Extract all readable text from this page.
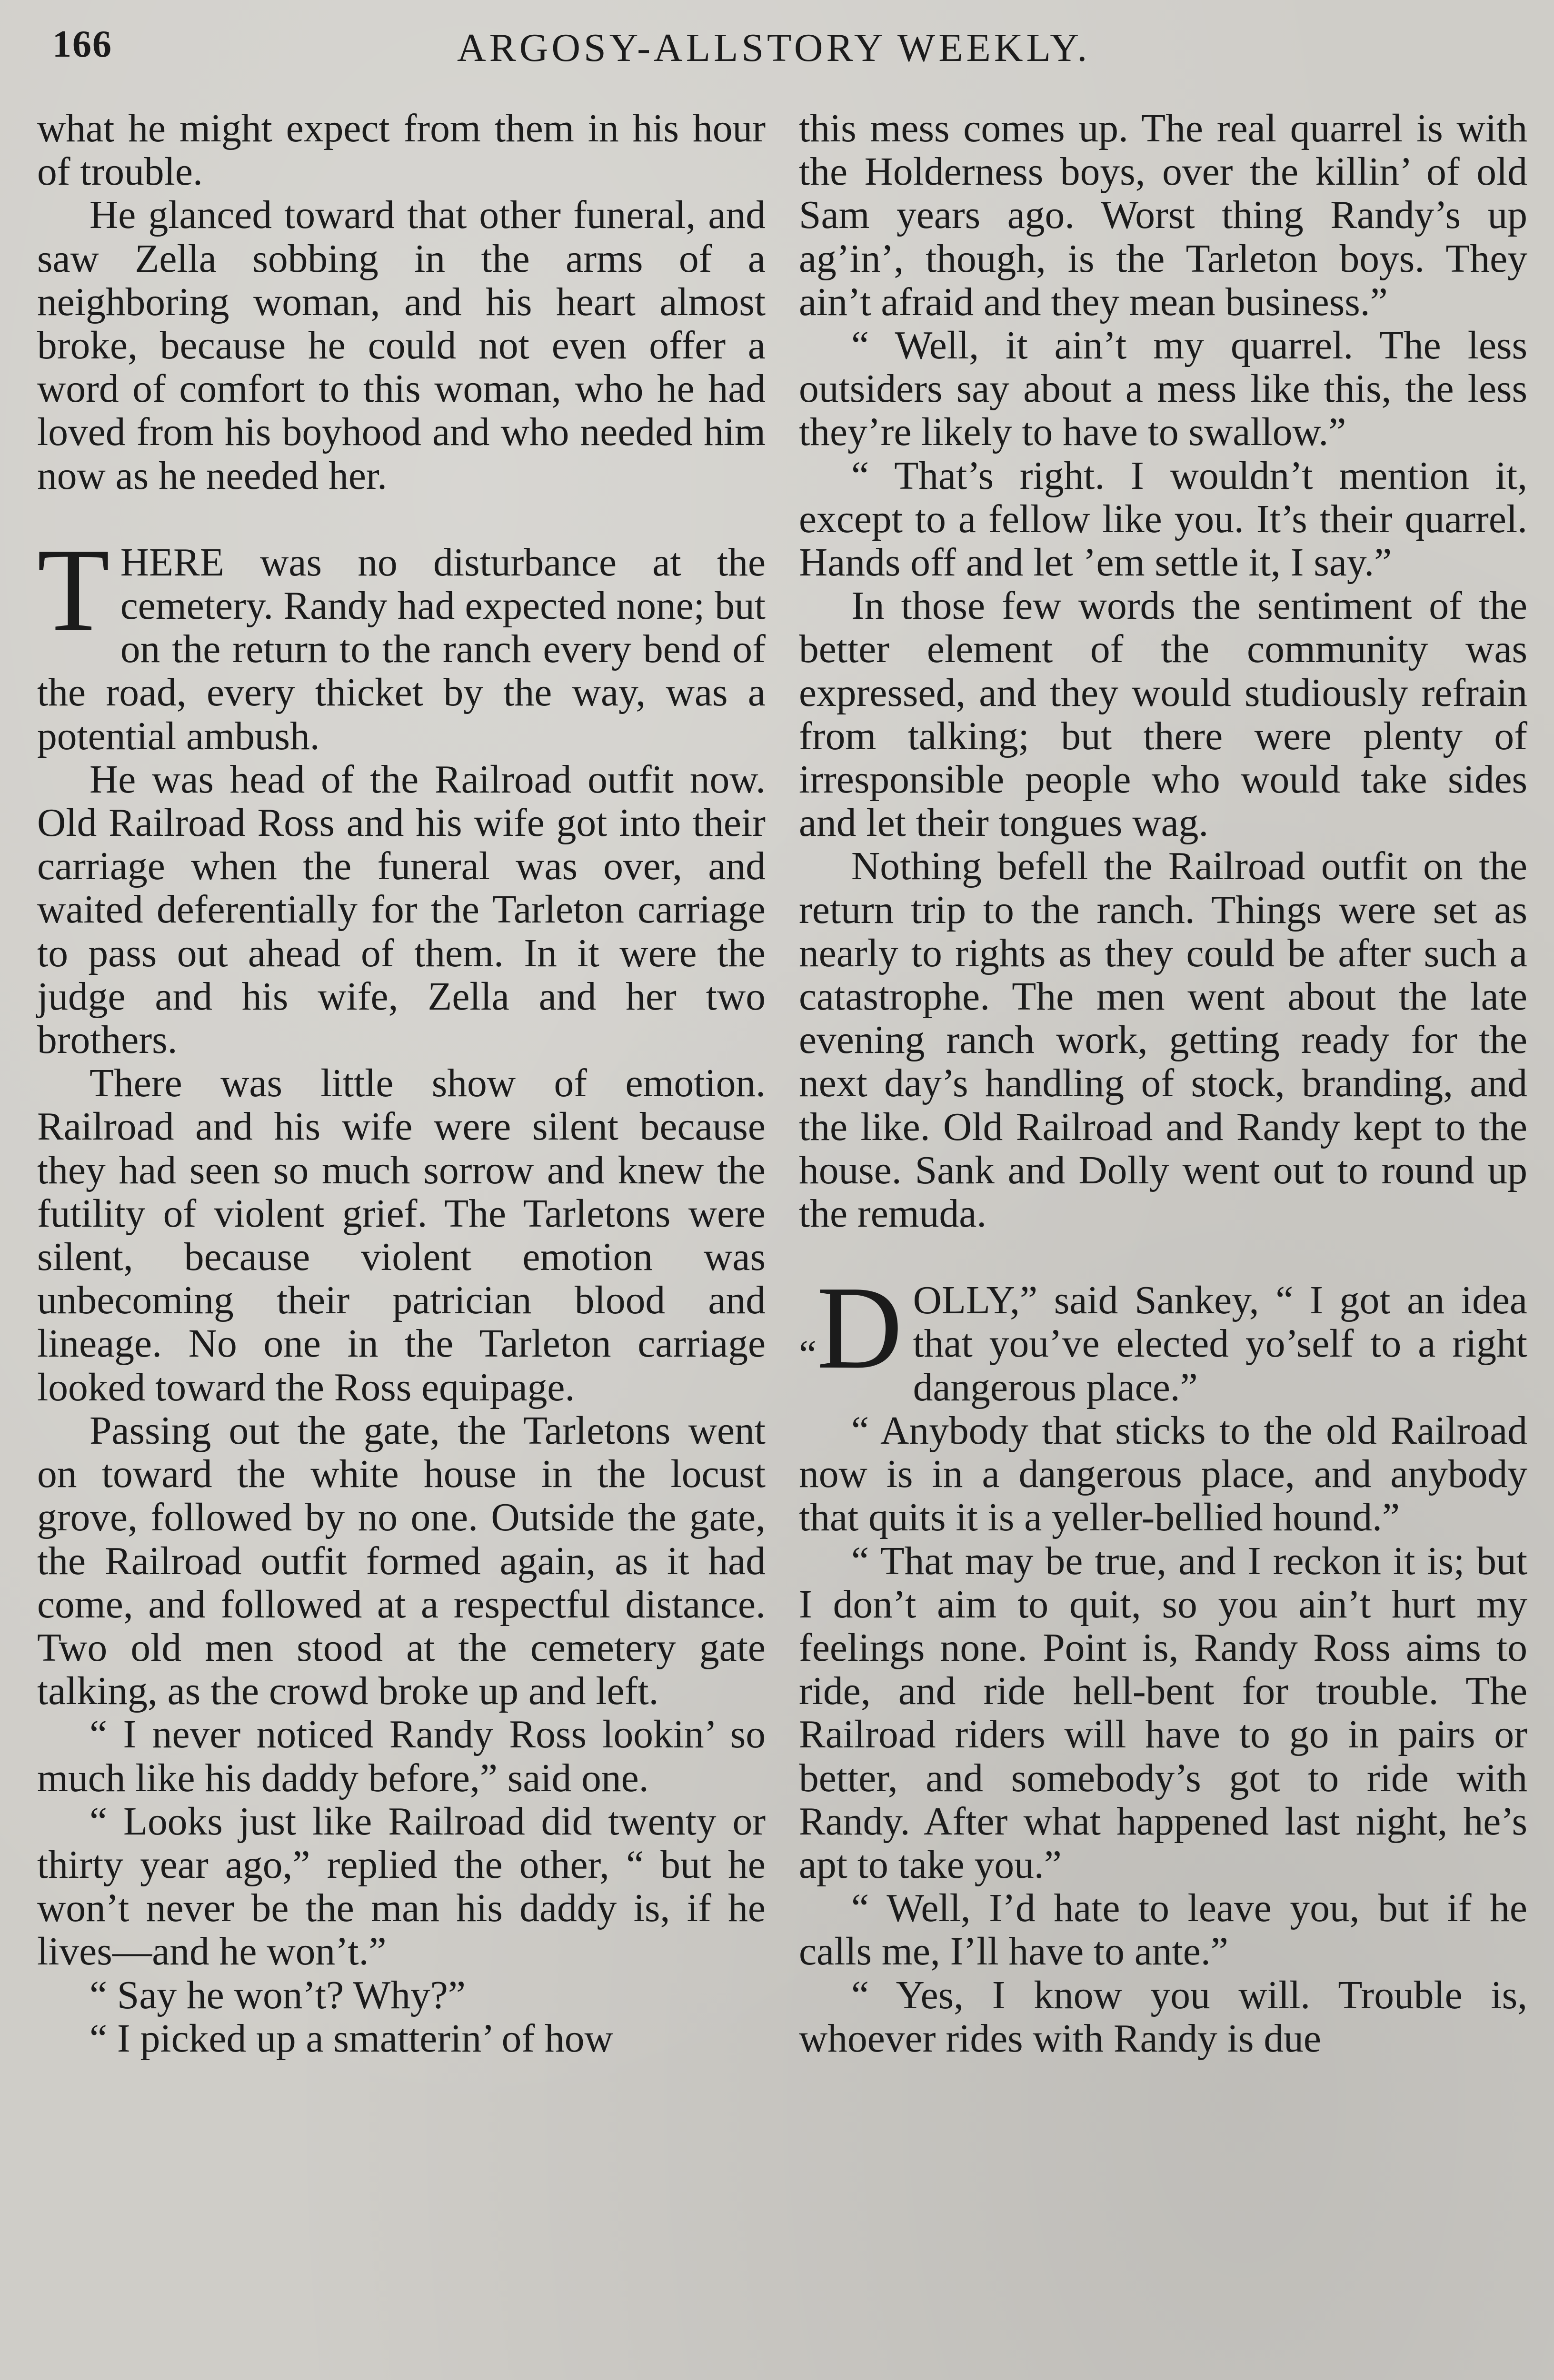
166	ARGOSY-ALLSTORY WEEKLY.

what he might expect from them in his hour of trouble.

He glanced toward that other funeral, and saw Zella sobbing in the arms of a neighboring woman, and his heart almost broke, because he could not even offer a word of comfort to this woman, who he had loved from his boyhood and who needed him now as he needed her.

THERE was no disturbance at the cemetery. Randy had expected none; but on the return to the ranch every bend of the road, every thicket by the way, was a potential ambush.

He was head of the Railroad outfit now. Old Railroad Ross and his wife got into their carriage when the funeral was over, and waited deferentially for the Tarleton carriage to pass out ahead of them. In it were the judge and his wife, Zella and her two brothers.

There was little show of emotion. Railroad and his wife were silent because they had seen so much sorrow and knew the futility of violent grief. The Tarletons were silent, because violent emotion was unbecoming their patrician blood and lineage. No one in the Tarleton carriage looked toward the Ross equipage.

Passing out the gate, the Tarletons went on toward the white house in the locust grove, followed by no one. Outside the gate, the Railroad outfit formed again, as it had come, and followed at a respectful distance. Two old men stood at the cemetery gate talking, as the crowd broke up and left.

“ I never noticed Randy Ross lookin’ so much like his daddy before,” said one.

“ Looks just like Railroad did twenty or thirty year ago,” replied the other, “ but he won’t never be the man his daddy is, if he lives—and he won’t.”

“ Say he won’t? Why?”

“ I picked up a smatterin’ of how

this mess comes up. The real quarrel is with the Holderness boys, over the killin’ of old Sam years ago. Worst thing Randy’s up ag’in’, though, is the Tarleton boys. They ain’t afraid and they mean business.”

“ Well, it ain’t my quarrel. The less outsiders say about a mess like this, the less they’re likely to have to swallow.”

“ That’s right. I wouldn’t mention it, except to a fellow like you. It’s their quarrel. Hands off and let ’em settle it, I say.”

In those few words the sentiment of the better element of the community was expressed, and they would studiously refrain from talking; but there were plenty of irresponsible people who would take sides and let their tongues wag.

Nothing befell the Railroad outfit on the return trip to the ranch. Things were set as nearly to rights as they could be after such a catastrophe. The men went about the late evening ranch work, getting ready for the next day’s handling of stock, branding, and the like. Old Railroad and Randy kept to the house. Sank and Dolly went out to round up the remuda.

“D OLLY,” said Sankey, “ I got an idea that you’ve elected yo’self to a right dangerous place.”

“ Anybody that sticks to the old Railroad now is in a dangerous place, and anybody that quits it is a yeller-bellied hound.”

“ That may be true, and I reckon it is; but I don’t aim to quit, so you ain’t hurt my feelings none. Point is, Randy Ross aims to ride, and ride hell-bent for trouble. The Railroad riders will have to go in pairs or better, and somebody’s got to ride with Randy. After what happened last night, he’s apt to take you.”

“ Well, I’d hate to leave you, but if he calls me, I’ll have to ante.”

“ Yes, I know you will. Trouble is, whoever rides with Randy is due
